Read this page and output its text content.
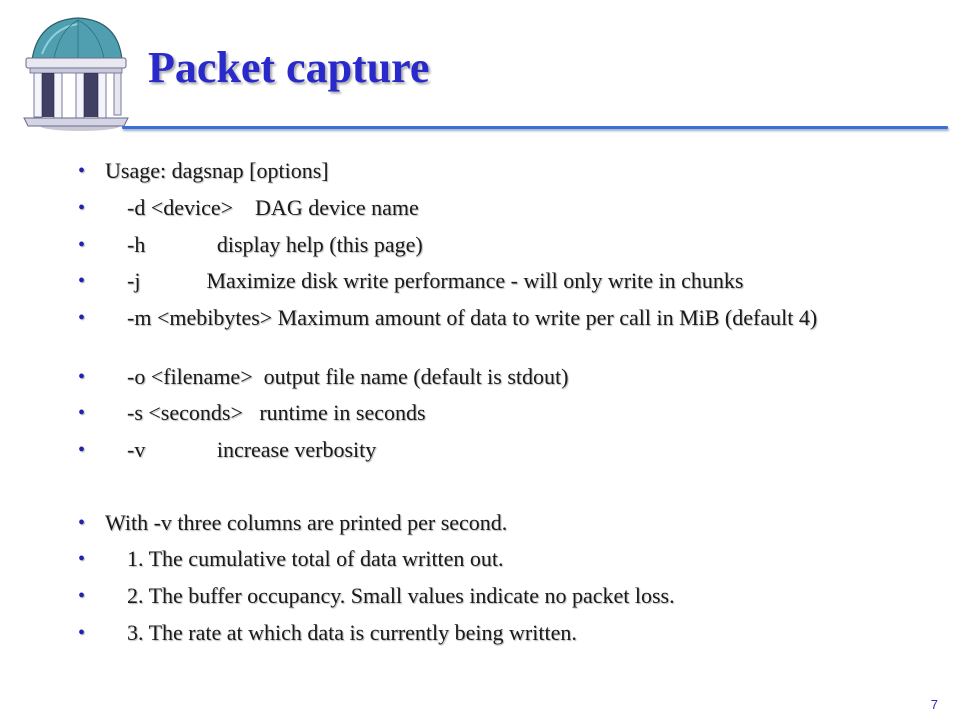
Packet capture
• Usage: dagsnap [options]
• -d <device>    DAG device name
• -h             display help (this page)
• -j            Maximize disk write performance - will only write in chunks
• -m <mebibytes> Maximum amount of data to write per call in MiB (default 4)
• -o <filename>  output file name (default is stdout)
• -s <seconds>   runtime in seconds
• -v             increase verbosity
• With -v three columns are printed per second.
• 1. The cumulative total of data written out.
• 2. The buffer occupancy. Small values indicate no packet loss.
• 3. The rate at which data is currently being written.
7
